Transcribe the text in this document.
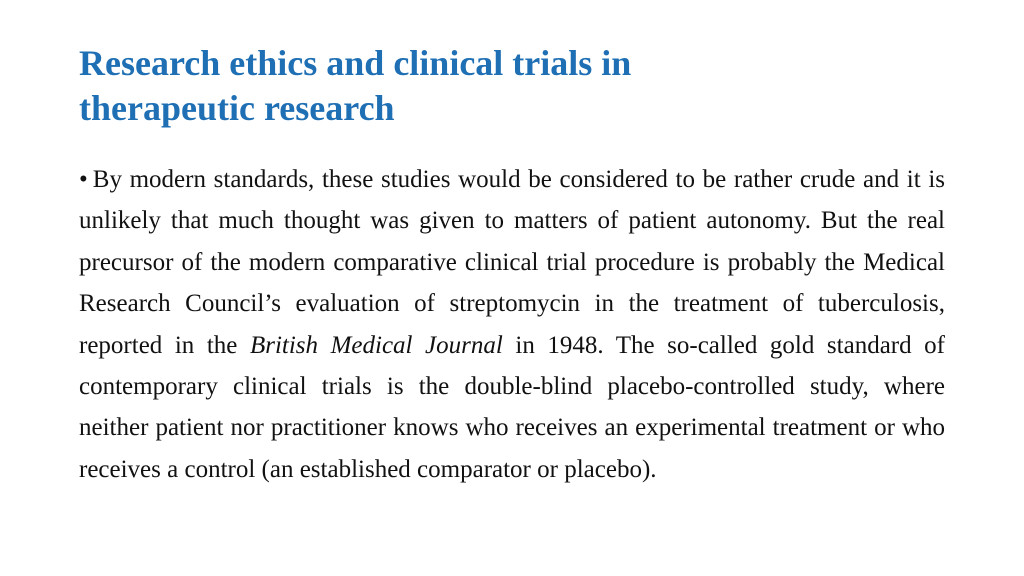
Research ethics and clinical trials in
therapeutic research

• By modern standards, these studies would be considered to be rather crude and it is unlikely that much thought was given to matters of patient autonomy. But the real precursor of the modern comparative clinical trial procedure is probably the Medical Research Council’s evaluation of streptomycin in the treatment of tuberculosis, reported in the British Medical Journal in 1948. The so-called gold standard of contemporary clinical trials is the double-blind placebo-controlled study, where neither patient nor practitioner knows who receives an experimental treatment or who receives a control (an established comparator or placebo).
